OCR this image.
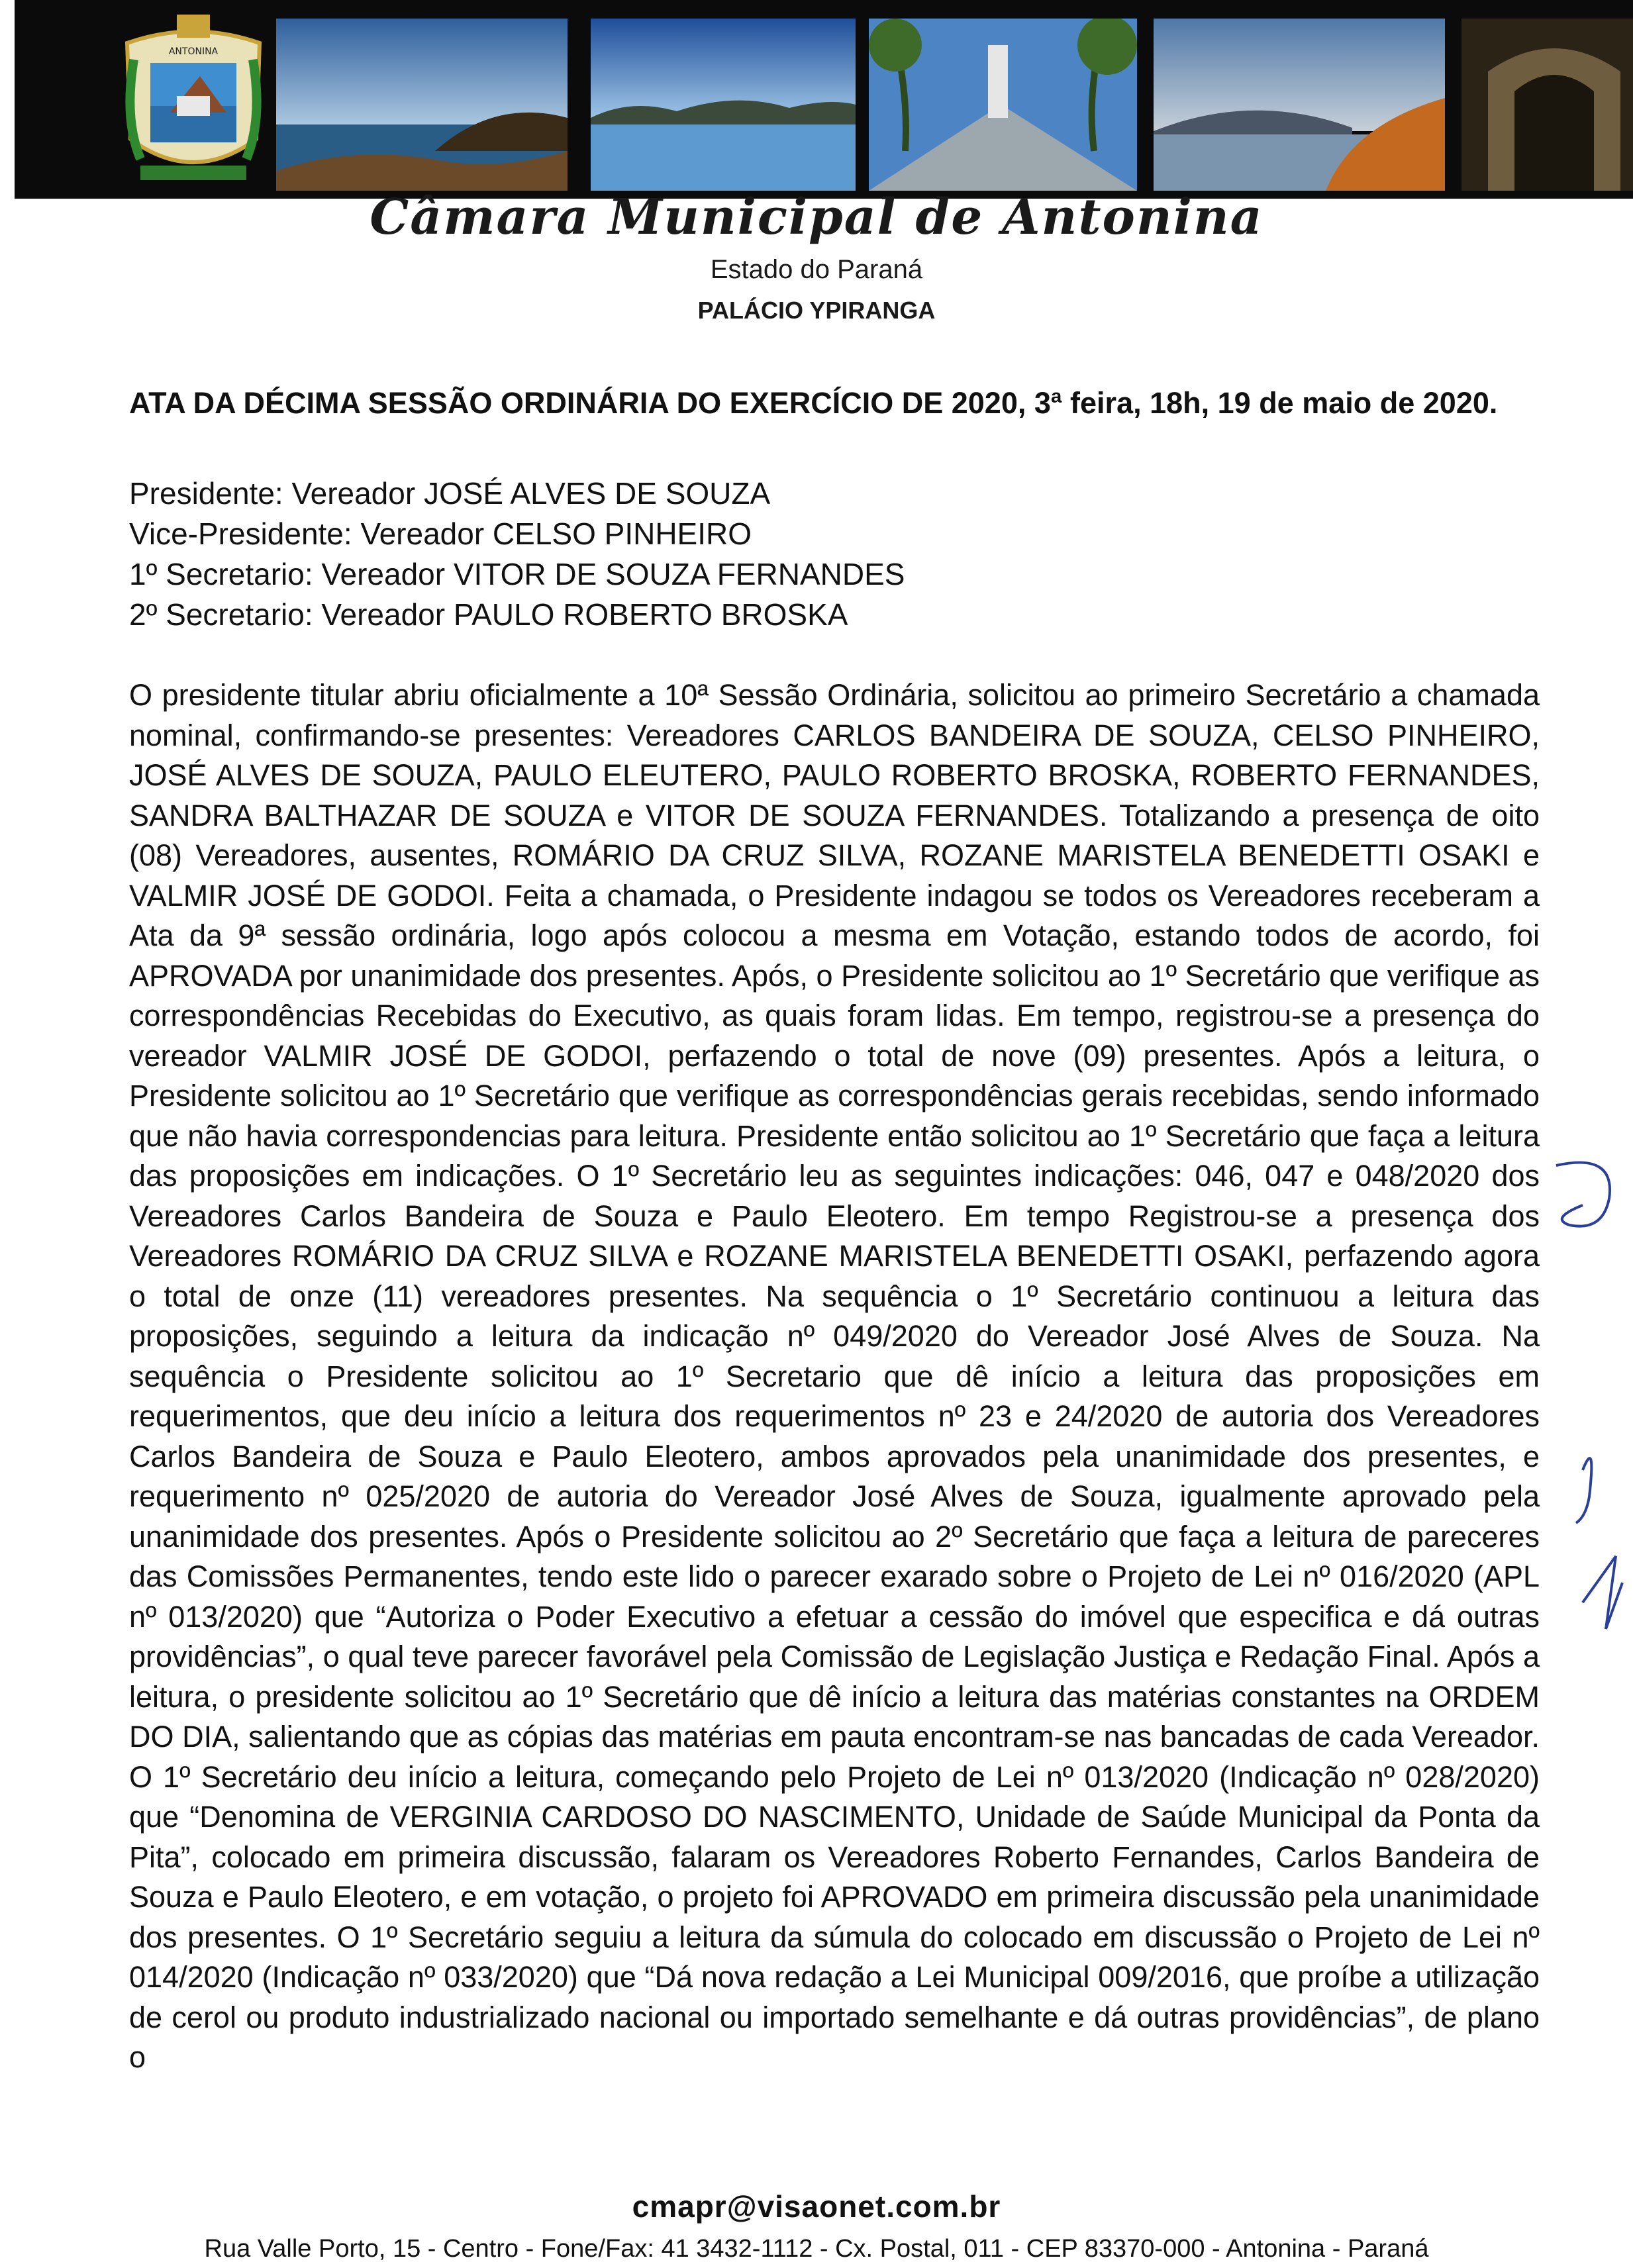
ANTONINA
Câmara Municipal de Antonina
Estado do Paraná
PALÁCIO YPIRANGA
ATA DA DÉCIMA SESSÃO ORDINÁRIA DO EXERCÍCIO DE 2020, 3ª feira, 18h, 19 de maio de 2020.
Presidente: Vereador JOSÉ ALVES DE SOUZA
Vice-Presidente: Vereador CELSO PINHEIRO
1º Secretario: Vereador VITOR DE SOUZA FERNANDES
2º Secretario: Vereador PAULO ROBERTO BROSKA

O presidente titular abriu oficialmente a 10ª Sessão Ordinária, solicitou ao primeiro Secretário a chamada nominal, confirmando-se presentes: Vereadores CARLOS BANDEIRA DE SOUZA, CELSO PINHEIRO, JOSÉ ALVES DE SOUZA, PAULO ELEUTERO, PAULO ROBERTO BROSKA, ROBERTO FERNANDES, SANDRA BALTHAZAR DE SOUZA e VITOR DE SOUZA FERNANDES. Totalizando a presença de oito (08) Vereadores, ausentes, ROMÁRIO DA CRUZ SILVA, ROZANE MARISTELA BENEDETTI OSAKI e VALMIR JOSÉ DE GODOI. Feita a chamada, o Presidente indagou se todos os Vereadores receberam a Ata da 9ª sessão ordinária, logo após colocou a mesma em Votação, estando todos de acordo, foi APROVADA por unanimidade dos presentes. Após, o Presidente solicitou ao 1º Secretário que verifique as correspondências Recebidas do Executivo, as quais foram lidas. Em tempo, registrou-se a presença do vereador VALMIR JOSÉ DE GODOI, perfazendo o total de nove (09) presentes. Após a leitura, o Presidente solicitou ao 1º Secretário que verifique as correspondências gerais recebidas, sendo informado que não havia correspondencias para leitura. Presidente então solicitou ao 1º Secretário que faça a leitura das proposições em indicações. O 1º Secretário leu as seguintes indicações: 046, 047 e 048/2020 dos Vereadores Carlos Bandeira de Souza e Paulo Eleotero. Em tempo Registrou-se a presença dos Vereadores ROMÁRIO DA CRUZ SILVA e ROZANE MARISTELA BENEDETTI OSAKI, perfazendo agora o total de onze (11) vereadores presentes. Na sequência o 1º Secretário continuou a leitura das proposições, seguindo a leitura da indicação nº 049/2020 do Vereador José Alves de Souza. Na sequência o Presidente solicitou ao 1º Secretario que dê início a leitura das proposições em requerimentos, que deu início a leitura dos requerimentos nº 23 e 24/2020 de autoria dos Vereadores Carlos Bandeira de Souza e Paulo Eleotero, ambos aprovados pela unanimidade dos presentes, e requerimento nº 025/2020 de autoria do Vereador José Alves de Souza, igualmente aprovado pela unanimidade dos presentes. Após o Presidente solicitou ao 2º Secretário que faça a leitura de pareceres das Comissões Permanentes, tendo este lido o parecer exarado sobre o Projeto de Lei nº 016/2020 (APL nº 013/2020) que “Autoriza o Poder Executivo a efetuar a cessão do imóvel que especifica e dá outras providências”, o qual teve parecer favorável pela Comissão de Legislação Justiça e Redação Final. Após a leitura, o presidente solicitou ao 1º Secretário que dê início a leitura das matérias constantes na ORDEM DO DIA, salientando que as cópias das matérias em pauta encontram-se nas bancadas de cada Vereador. O 1º Secretário deu início a leitura, começando pelo Projeto de Lei nº 013/2020 (Indicação nº 028/2020) que “Denomina de VERGINIA CARDOSO DO NASCIMENTO, Unidade de Saúde Municipal da Ponta da Pita”, colocado em primeira discussão, falaram os Vereadores Roberto Fernandes, Carlos Bandeira de Souza e Paulo Eleotero, e em votação, o projeto foi APROVADO em primeira discussão pela unanimidade dos presentes. O 1º Secretário seguiu a leitura da súmula do colocado em discussão o Projeto de Lei nº 014/2020 (Indicação nº 033/2020) que “Dá nova redação a Lei Municipal 009/2016, que proíbe a utilização de cerol ou produto industrializado nacional ou importado semelhante e dá outras providências”, de plano o

cmapr@visaonet.com.br
Rua Valle Porto, 15 - Centro - Fone/Fax: 41 3432-1112 - Cx. Postal, 011 - CEP 83370-000 - Antonina - Paraná
